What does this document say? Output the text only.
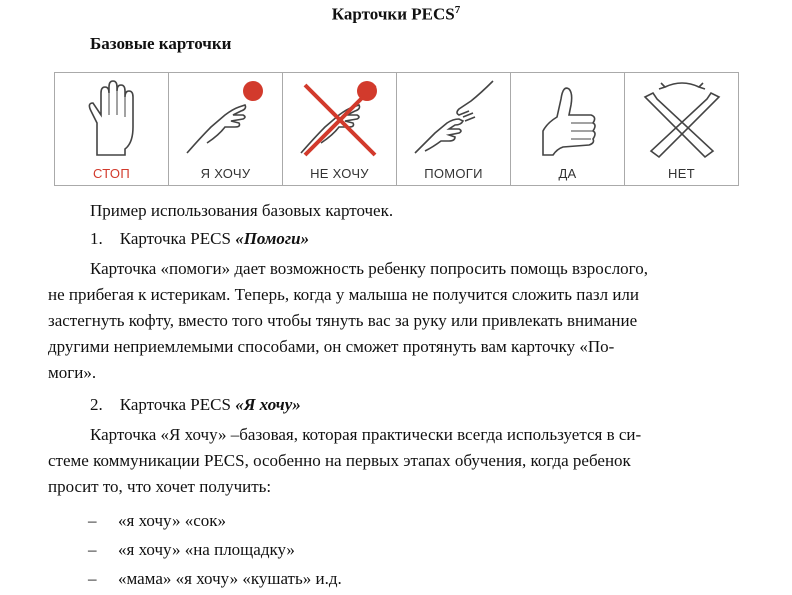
Карточки PECS$^7$
Базовые карточки
СТОП	Я ХОЧУ	НЕ ХОЧУ	ПОМОГИ	ДА	НЕТ
Пример использования базовых карточек.
1. Карточка PECS «Помоги»
Карточка «помоги» дает возможность ребенку попросить помощь взрослого,
не прибегая к истерикам. Теперь, когда у малыша не получится сложить пазл или
застегнуть кофту, вместо того чтобы тянуть вас за руку или привлекать внимание
другими неприемлемыми способами, он сможет протянуть вам карточку «По-
моги».
2. Карточка PECS «Я хочу»
Карточка «Я хочу» –базовая, которая практически всегда используется в си-
стеме коммуникации PECS, особенно на первых этапах обучения, когда ребенок
просит то, что хочет получить:
– «я хочу» «сок»
– «я хочу» «на площадку»
– «мама» «я хочу» «кушать» и.д.
